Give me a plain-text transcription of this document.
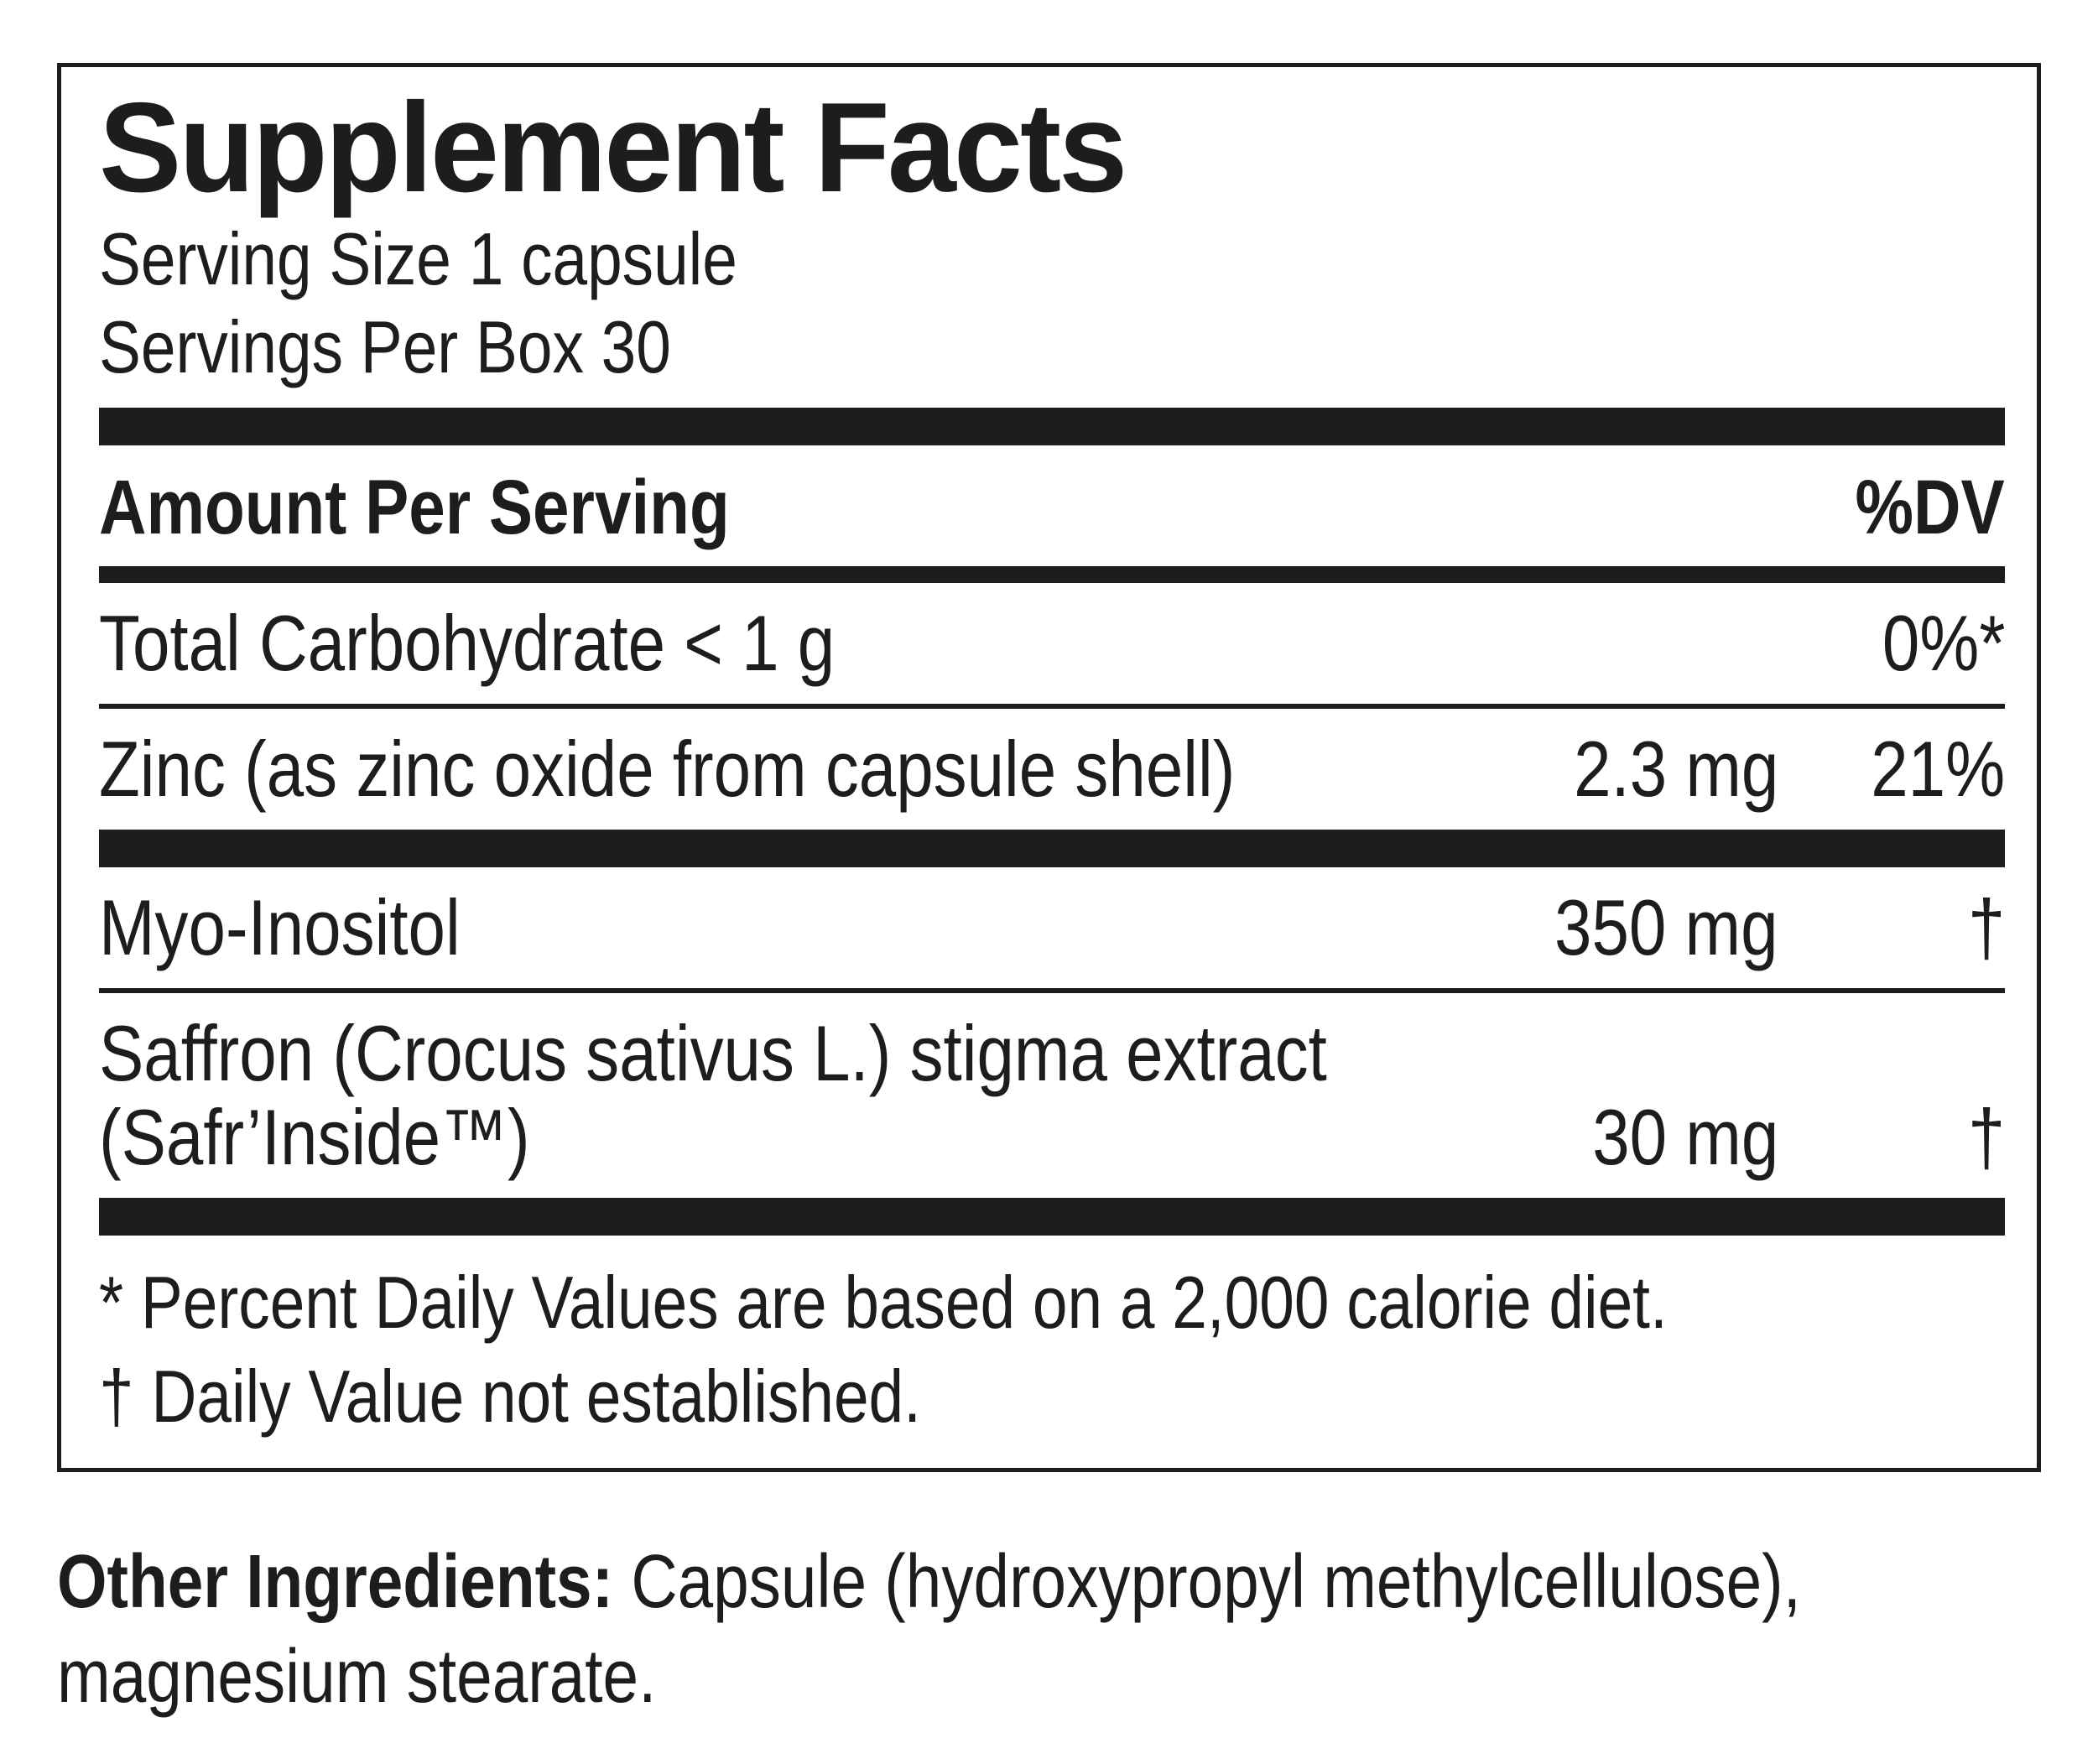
Supplement Facts
Serving Size 1 capsule
Servings Per Box 30
Amount Per Serving	%DV
Total Carbohydrate < 1 g	0%*
Zinc (as zinc oxide from capsule shell)	2.3 mg	21%
Myo-Inositol	350 mg	†
Saffron (Crocus sativus L.) stigma extract
(Safr’Inside™)	30 mg	†
* Percent Daily Values are based on a 2,000 calorie diet.
† Daily Value not established.

Other Ingredients: Capsule (hydroxypropyl methylcellulose),
magnesium stearate.
